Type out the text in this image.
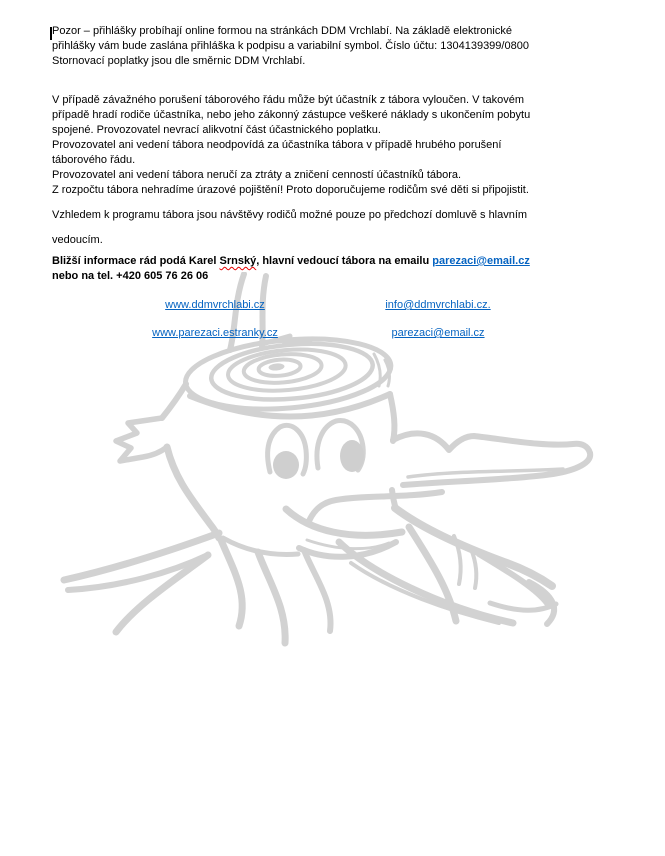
Pozor – přihlášky probíhají online formou na stránkách DDM Vrchlabí. Na základě elektronické
přihlášky vám bude zaslána přihláška k podpisu a variabilní symbol. Číslo účtu: 1304139399/0800
Stornovací poplatky jsou dle směrnic DDM Vrchlabí.
V případě závažného porušení táborového řádu může být účastník z tábora vyloučen. V takovém
případě hradí rodiče účastníka, nebo jeho zákonný zástupce veškeré náklady s ukončením pobytu
spojené. Provozovatel nevrací alikvotní část účastnického poplatku.
Provozovatel ani vedení tábora neodpovídá za účastníka tábora v případě hrubého porušení
táborového řádu.
Provozovatel ani vedení tábora neručí za ztráty a zničení cenností účastníků tábora.
Z rozpočtu tábora nehradíme úrazové pojištění! Proto doporučujeme rodičům své děti si připojistit.
Vzhledem k programu tábora jsou návštěvy rodičů možné pouze po předchozí domluvě s hlavním
vedoucím.
Bližší informace rád podá Karel Srnský, hlavní vedoucí tábora na emailu parezaci@email.cz
nebo na tel. +420 605 76 26 06
www.ddmvrchlabi.cz	info@ddmvrchlabi.cz.
www.parezaci.estranky.cz	parezaci@email.cz
